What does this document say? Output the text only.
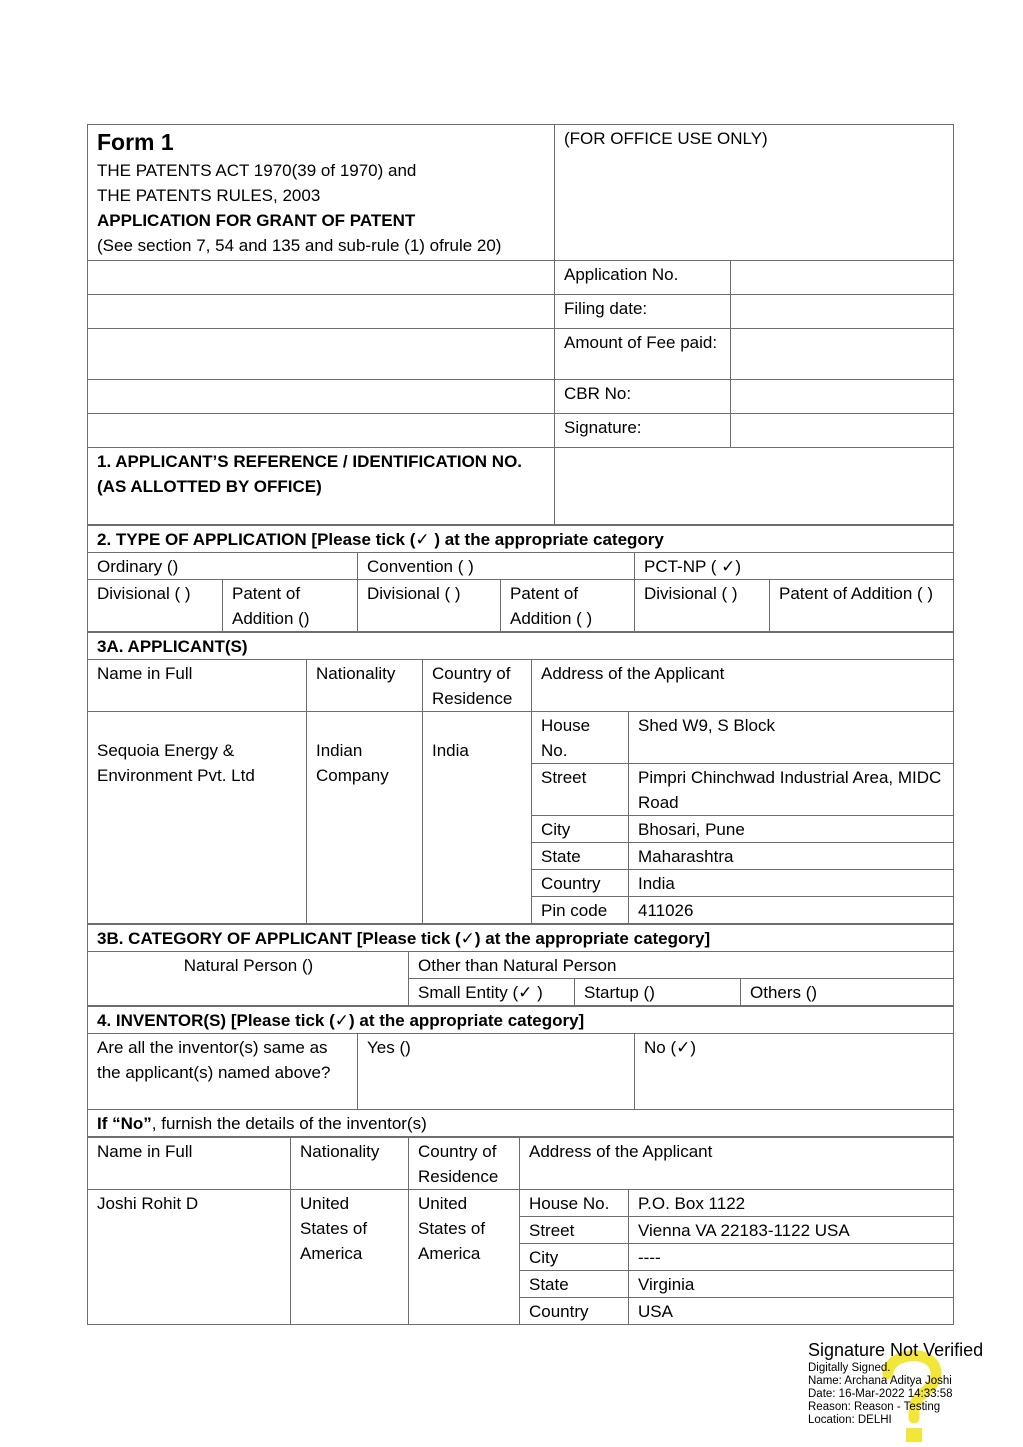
Form 1
THE PATENTS ACT 1970(39 of 1970) and
THE PATENTS RULES, 2003
APPLICATION FOR GRANT OF PATENT
(See section 7, 54 and 135 and sub-rule (1) ofrule 20)	(FOR OFFICE USE ONLY)	
	Application No.	
	Filing date:	
	Amount of Fee paid:	
	CBR No:	
	Signature:	
1. APPLICANT’S REFERENCE / IDENTIFICATION NO. (AS ALLOTTED BY OFFICE)		
2. TYPE OF APPLICATION [Please tick (✓ ) at the appropriate category					
Ordinary ()		Convention ( )		PCT-NP ( ✓)	
Divisional ( )	Patent of Addition ()	Divisional ( )	Patent of Addition ( )	Divisional ( )	Patent of Addition ( )
3A. APPLICANT(S)				
Name in Full	Nationality	Country of Residence	Address of the Applicant	

Sequoia Energy & Environment Pvt. Ltd	Indian Company	India	House No.	Shed W9, S Block
			Street	Pimpri Chinchwad Industrial Area, MIDC Road
			City	Bhosari, Pune
			State	Maharashtra
			Country	India
			Pin code	411026
3B. CATEGORY OF APPLICANT [Please tick (✓) at the appropriate category]			
Natural Person ()	Other than Natural Person		
	Small Entity (✓ )	Startup ()	Others ()
4. INVENTOR(S) [Please tick (✓) at the appropriate category]
Are all the inventor(s) same as the applicant(s) named above?	Yes ()	No (✓)
If “No”, furnish the details of the inventor(s)
Name in Full	Nationality	Country of Residence	Address of the Applicant	
Joshi Rohit D	United States of America	United States of America	House No.	P.O. Box 1122
			Street	Vienna VA 22183-1122 USA
			City	----
			State	Virginia
			Country	USA
Signature Not Verified
Digitally Signed.
Name: Archana Aditya Joshi
Date: 16-Mar-2022 14:33:58
Reason: Reason - Testing
Location: DELHI
